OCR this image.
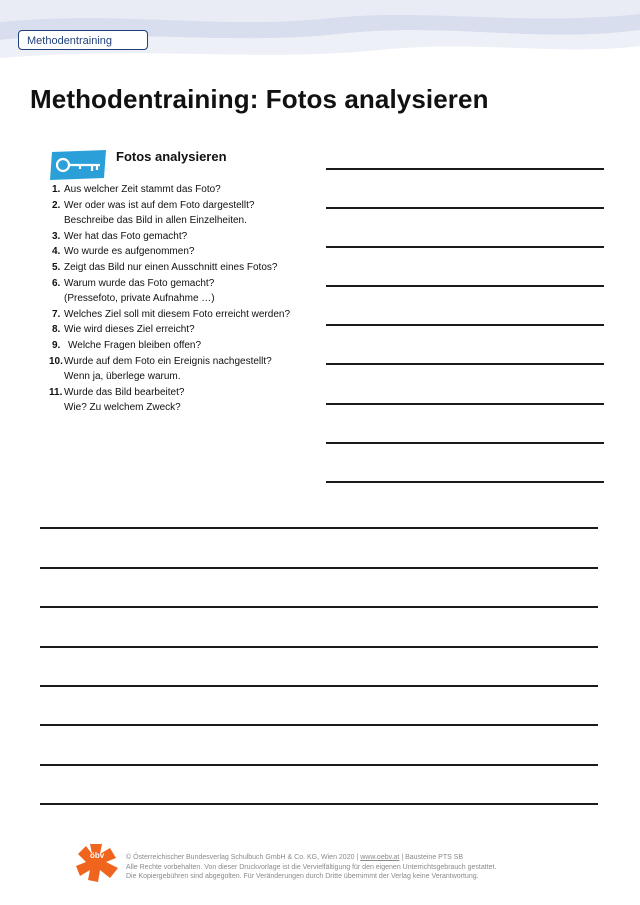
Methodentraining
Methodentraining: Fotos analysieren
Fotos analysieren
1. Aus welcher Zeit stammt das Foto?
2. Wer oder was ist auf dem Foto dargestellt?
Beschreibe das Bild in allen Einzelheiten.
3. Wer hat das Foto gemacht?
4. Wo wurde es aufgenommen?
5. Zeigt das Bild nur einen Ausschnitt eines Fotos?
6. Warum wurde das Foto gemacht?
(Pressefoto, private Aufnahme …)
7. Welches Ziel soll mit diesem Foto erreicht werden?
8. Wie wird dieses Ziel erreicht?
9. Welche Fragen bleiben offen?
10. Wurde auf dem Foto ein Ereignis nachgestellt?
Wenn ja, überlege warum.
11. Wurde das Bild bearbeitet?
Wie? Zu welchem Zweck?
öbv	© Österreichischer Bundesverlag Schulbuch GmbH & Co. KG, Wien 2020 | www.oebv.at | Bausteine PTS SB
Alle Rechte vorbehalten. Von dieser Druckvorlage ist die Vervielfältigung für den eigenen Unterrichtsgebrauch gestattet.
Die Kopiergebühren sind abgegolten. Für Veränderungen durch Dritte übernimmt der Verlag keine Verantwortung.
